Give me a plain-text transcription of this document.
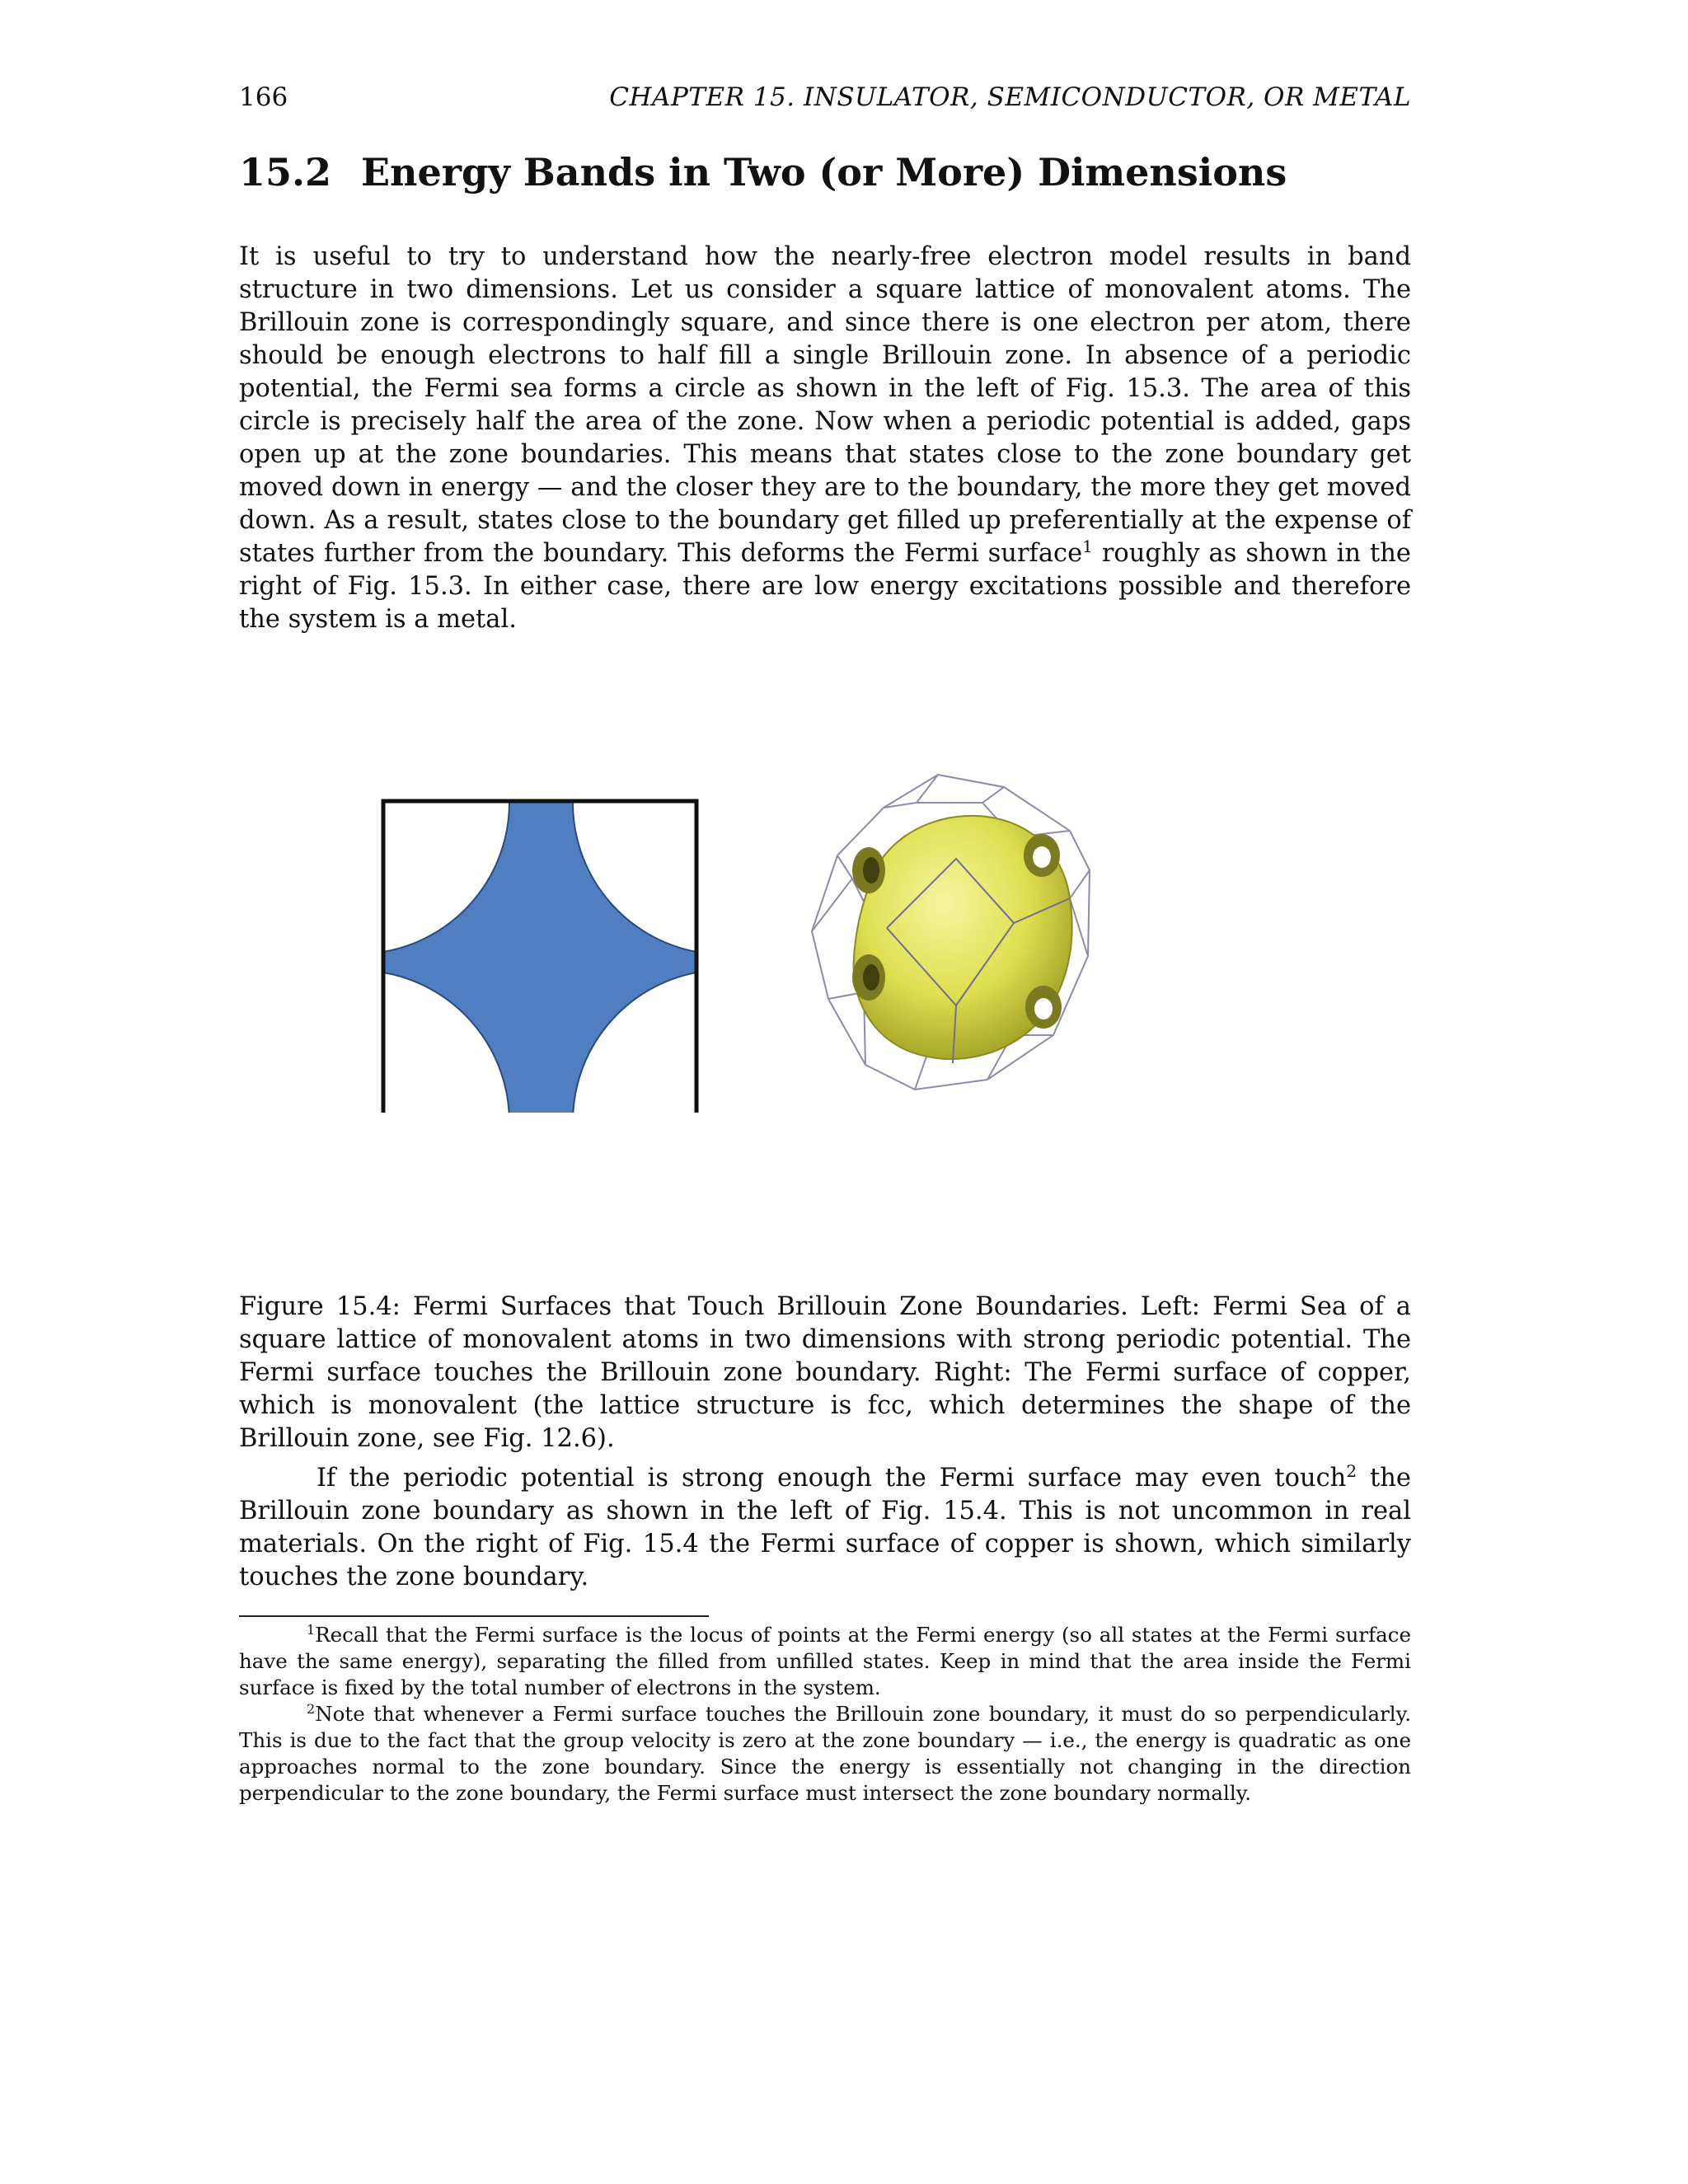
166	CHAPTER 15. INSULATOR, SEMICONDUCTOR, OR METAL
15.2 Energy Bands in Two (or More) Dimensions

It is useful to try to understand how the nearly-free electron model results in band structure in two dimensions. Let us consider a square lattice of monovalent atoms. The Brillouin zone is correspondingly square, and since there is one electron per atom, there should be enough electrons to half fill a single Brillouin zone. In absence of a periodic potential, the Fermi sea forms a circle as shown in the left of Fig. 15.3. The area of this circle is precisely half the area of the zone. Now when a periodic potential is added, gaps open up at the zone boundaries. This means that states close to the zone boundary get moved down in energy — and the closer they are to the boundary, the more they get moved down. As a result, states close to the boundary get filled up preferentially at the expense of states further from the boundary. This deforms the Fermi surface$^1$ roughly as shown in the right of Fig. 15.3. In either case, there are low energy excitations possible and therefore the system is a metal.

Figure 15.4: Fermi Surfaces that Touch Brillouin Zone Boundaries. Left: Fermi Sea of a square lattice of monovalent atoms in two dimensions with strong periodic potential. The Fermi surface touches the Brillouin zone boundary. Right: The Fermi surface of copper, which is monovalent (the lattice structure is fcc, which determines the shape of the Brillouin zone, see Fig. 12.6).

If the periodic potential is strong enough the Fermi surface may even touch$^2$ the Brillouin zone boundary as shown in the left of Fig. 15.4. This is not uncommon in real materials. On the right of Fig. 15.4 the Fermi surface of copper is shown, which similarly touches the zone boundary.

$^1$Recall that the Fermi surface is the locus of points at the Fermi energy (so all states at the Fermi surface have the same energy), separating the filled from unfilled states. Keep in mind that the area inside the Fermi surface is fixed by the total number of electrons in the system.

$^2$Note that whenever a Fermi surface touches the Brillouin zone boundary, it must do so perpendicularly. This is due to the fact that the group velocity is zero at the zone boundary — i.e., the energy is quadratic as one approaches normal to the zone boundary. Since the energy is essentially not changing in the direction perpendicular to the zone boundary, the Fermi surface must intersect the zone boundary normally.
